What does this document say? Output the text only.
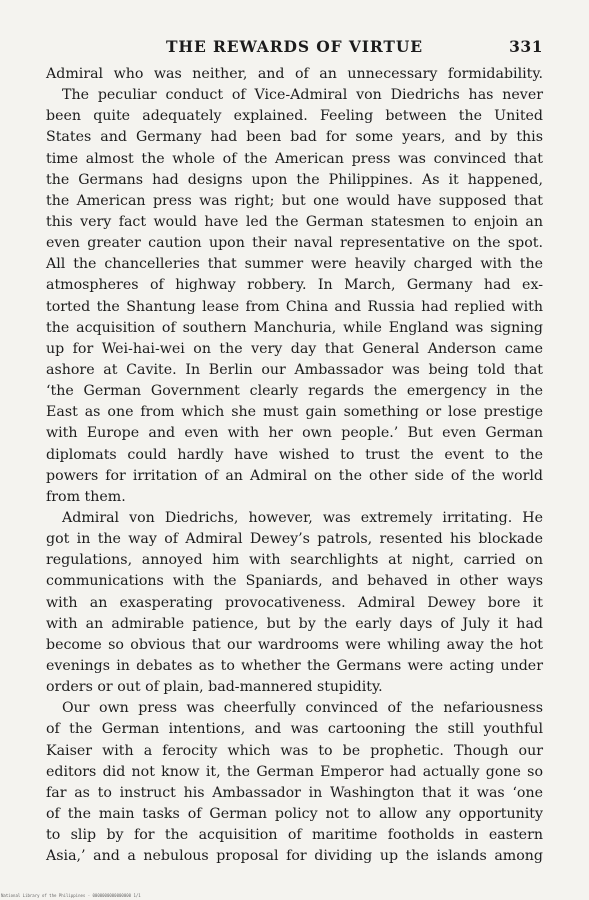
THE REWARDS OF VIRTUE	331
Admiral who was neither, and of an unnecessary formidability.
The peculiar conduct of Vice-Admiral von Diedrichs has never
been quite adequately explained. Feeling between the United
States and Germany had been bad for some years, and by this
time almost the whole of the American press was convinced that
the Germans had designs upon the Philippines. As it happened,
the American press was right; but one would have supposed that
this very fact would have led the German statesmen to enjoin an
even greater caution upon their naval representative on the spot.
All the chancelleries that summer were heavily charged with the
atmospheres of highway robbery. In March, Germany had ex-
torted the Shantung lease from China and Russia had replied with
the acquisition of southern Manchuria, while England was signing
up for Wei-hai-wei on the very day that General Anderson came
ashore at Cavite. In Berlin our Ambassador was being told that
‘the German Government clearly regards the emergency in the
East as one from which she must gain something or lose prestige
with Europe and even with her own people.’ But even German
diplomats could hardly have wished to trust the event to the
powers for irritation of an Admiral on the other side of the world
from them.
Admiral von Diedrichs, however, was extremely irritating. He
got in the way of Admiral Dewey’s patrols, resented his blockade
regulations, annoyed him with searchlights at night, carried on
communications with the Spaniards, and behaved in other ways
with an exasperating provocativeness. Admiral Dewey bore it
with an admirable patience, but by the early days of July it had
become so obvious that our wardrooms were whiling away the hot
evenings in debates as to whether the Germans were acting under
orders or out of plain, bad-mannered stupidity.
Our own press was cheerfully convinced of the nefariousness
of the German intentions, and was cartooning the still youthful
Kaiser with a ferocity which was to be prophetic. Though our
editors did not know it, the German Emperor had actually gone so
far as to instruct his Ambassador in Washington that it was ‘one
of the main tasks of German policy not to allow any opportunity
to slip by for the acquisition of maritime footholds in eastern
Asia,’ and a nebulous proposal for dividing up the islands among
National Library of the Philippines · 0000000000000000 1/1
